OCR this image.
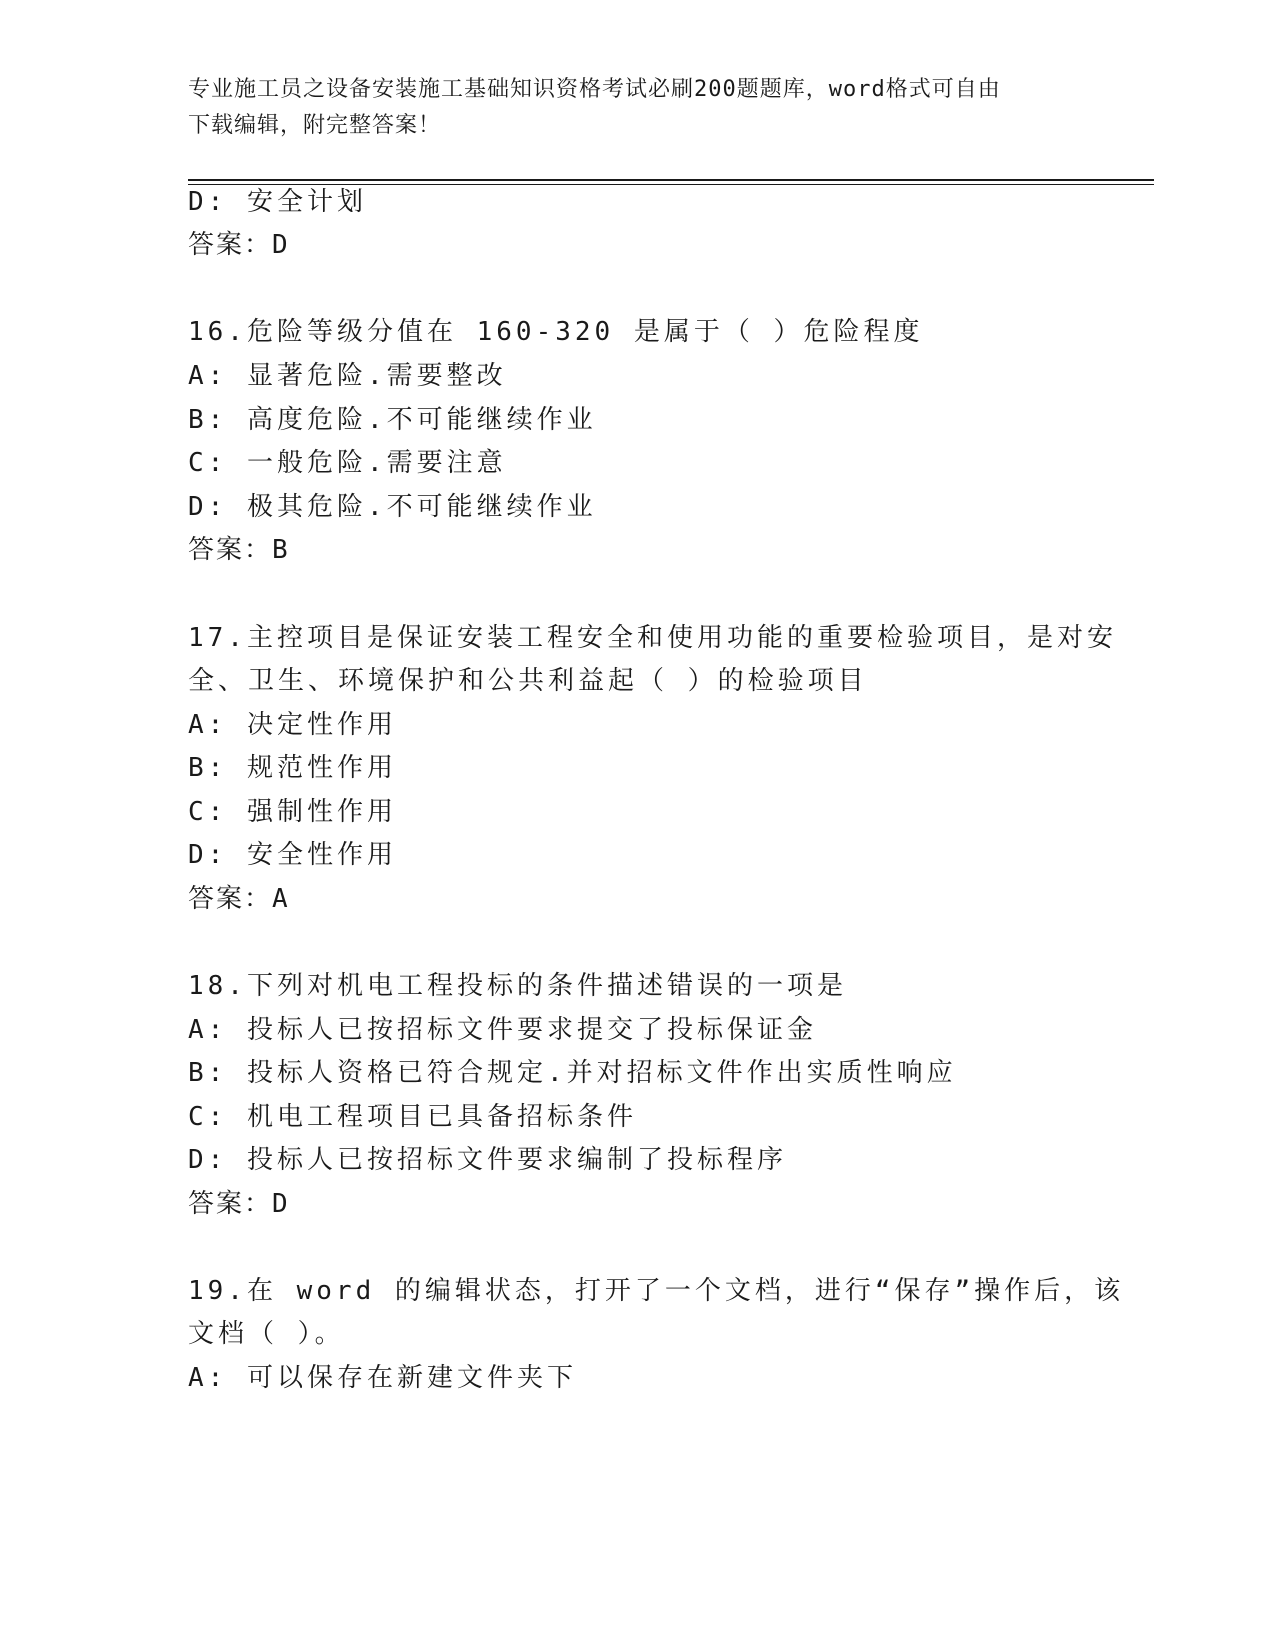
专业施工员之设备安装施工基础知识资格考试必刷200题题库，word格式可自由
下载编辑，附完整答案！
D: 安全计划
答案：D
16.危险等级分值在 160-320 是属于（ ）危险程度
A: 显著危险.需要整改
B: 高度危险.不可能继续作业
C: 一般危险.需要注意
D: 极其危险.不可能继续作业
答案：B
17.主控项目是保证安装工程安全和使用功能的重要检验项目，是对安
全、卫生、环境保护和公共利益起（ ）的检验项目
A: 决定性作用
B: 规范性作用
C: 强制性作用
D: 安全性作用
答案：A
18.下列对机电工程投标的条件描述错误的一项是
A: 投标人已按招标文件要求提交了投标保证金
B: 投标人资格已符合规定.并对招标文件作出实质性响应
C: 机电工程项目已具备招标条件
D: 投标人已按招标文件要求编制了投标程序
答案：D
19.在 word 的编辑状态，打开了一个文档，进行“保存”操作后，该
文档（ ）。
A: 可以保存在新建文件夹下
